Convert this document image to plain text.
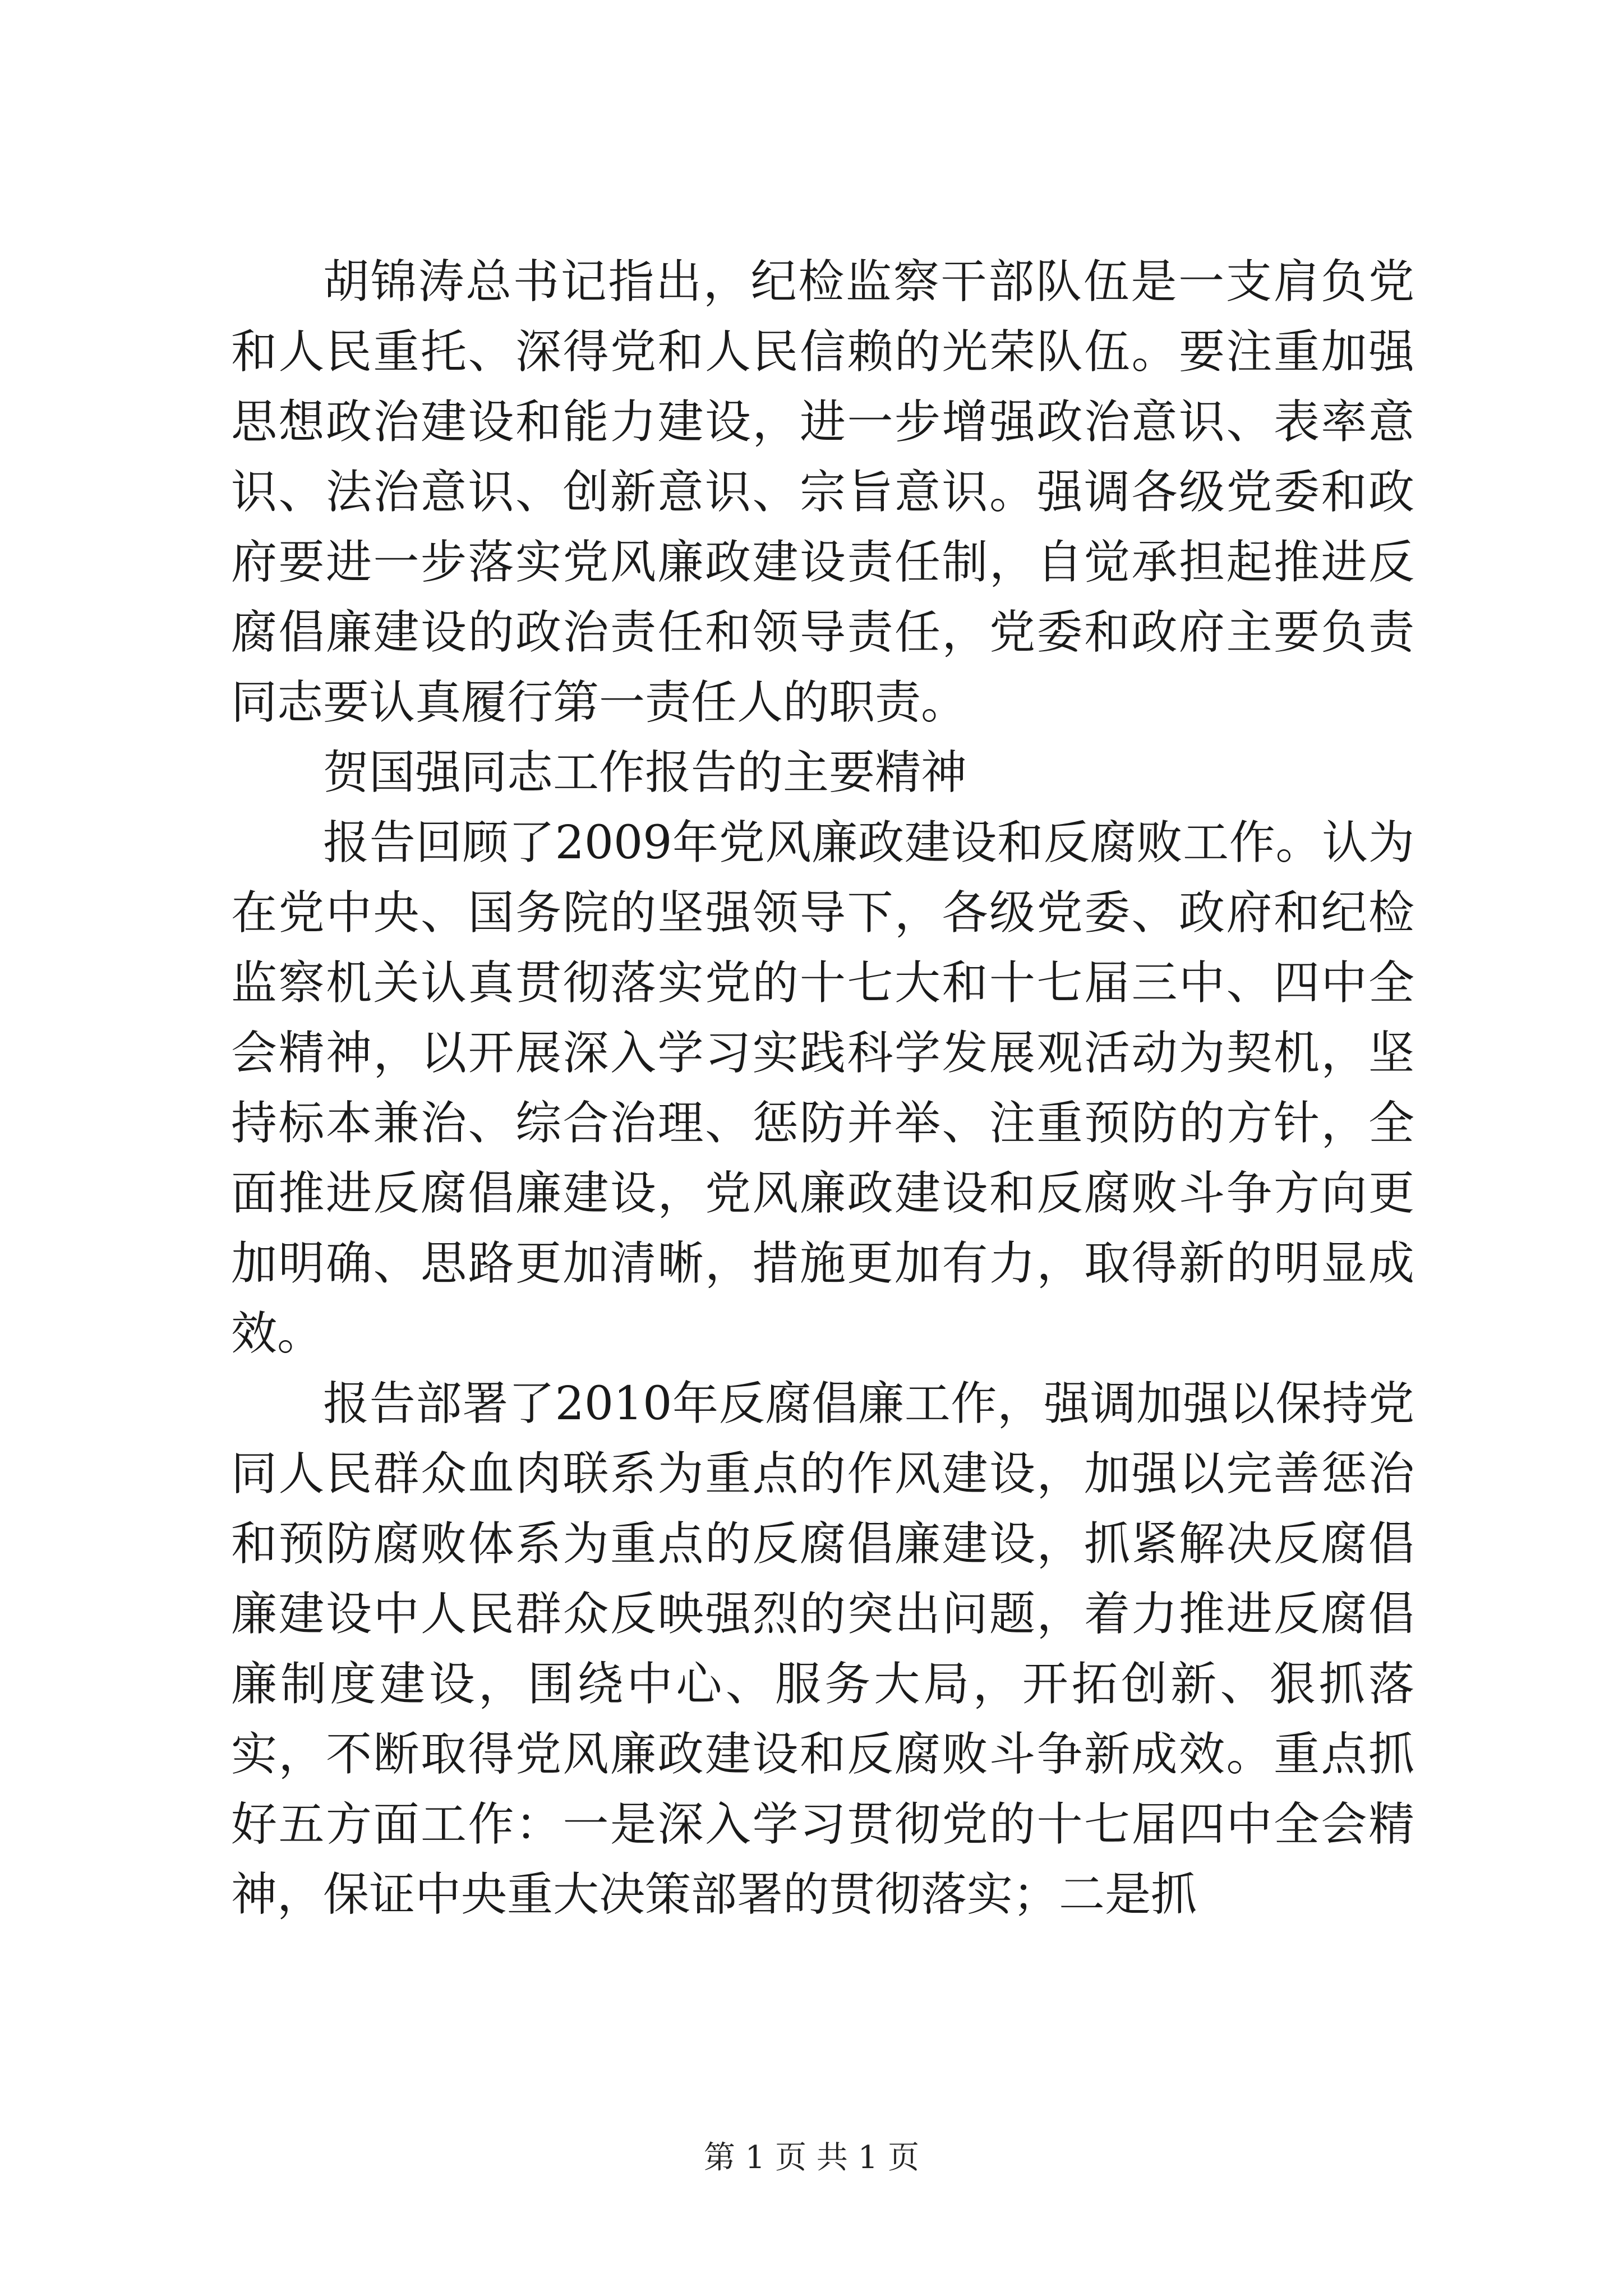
胡锦涛总书记指出，纪检监察干部队伍是一支肩负党和人民重托、深得党和人民信赖的光荣队伍。要注重加强思想政治建设和能力建设，进一步增强政治意识、表率意识、法治意识、创新意识、宗旨意识。强调各级党委和政府要进一步落实党风廉政建设责任制，自觉承担起推进反腐倡廉建设的政治责任和领导责任，党委和政府主要负责同志要认真履行第一责任人的职责。

贺国强同志工作报告的主要精神

报告回顾了2009年党风廉政建设和反腐败工作。认为在党中央、国务院的坚强领导下，各级党委、政府和纪检监察机关认真贯彻落实党的十七大和十七届三中、四中全会精神，以开展深入学习实践科学发展观活动为契机，坚持标本兼治、综合治理、惩防并举、注重预防的方针，全面推进反腐倡廉建设，党风廉政建设和反腐败斗争方向更加明确、思路更加清晰，措施更加有力，取得新的明显成效。

报告部署了2010年反腐倡廉工作，强调加强以保持党同人民群众血肉联系为重点的作风建设，加强以完善惩治和预防腐败体系为重点的反腐倡廉建设，抓紧解决反腐倡廉建设中人民群众反映强烈的突出问题，着力推进反腐倡廉制度建设，围绕中心、服务大局，开拓创新、狠抓落实，不断取得党风廉政建设和反腐败斗争新成效。重点抓好五方面工作：一是深入学习贯彻党的十七届四中全会精神，保证中央重大决策部署的贯彻落实；二是抓

第 1 页 共 1 页
